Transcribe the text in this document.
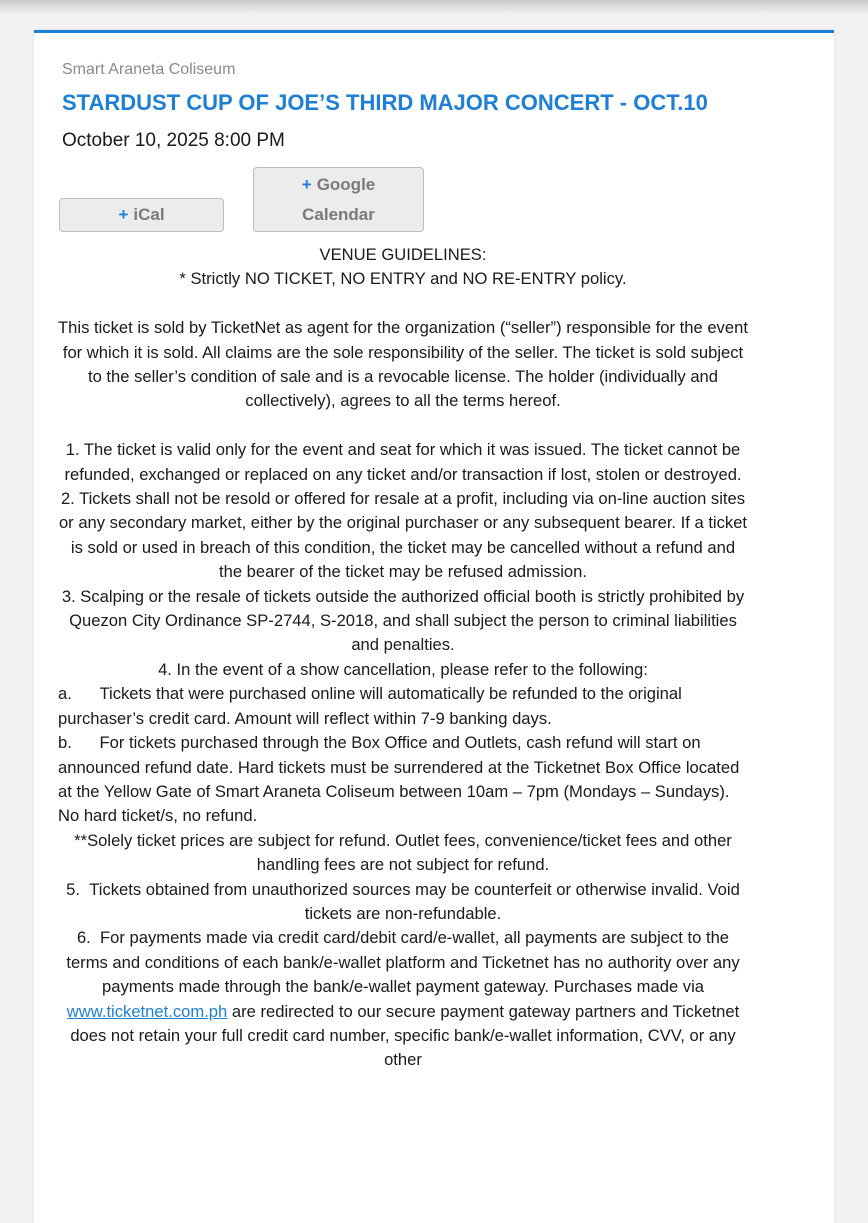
Smart Araneta Coliseum
STARDUST CUP OF JOE’S THIRD MAJOR CONCERT - OCT.10
October 10, 2025 8:00 PM
+ iCal
+ Google
Calendar

VENUE GUIDELINES:

* Strictly NO TICKET, NO ENTRY and NO RE-ENTRY policy.

This ticket is sold by TicketNet as agent for the organization (“seller”) responsible for the event for which it is sold. All claims are the sole responsibility of the seller. The ticket is sold subject to the seller’s condition of sale and is a revocable license. The holder (individually and collectively), agrees to all the terms hereof.

1. The ticket is valid only for the event and seat for which it was issued. The ticket cannot be refunded, exchanged or replaced on any ticket and/or transaction if lost, stolen or destroyed.

2. Tickets shall not be resold or offered for resale at a profit, including via on-line auction sites or any secondary market, either by the original purchaser or any subsequent bearer. If a ticket is sold or used in breach of this condition, the ticket may be cancelled without a refund and the bearer of the ticket may be refused admission.

3. Scalping or the resale of tickets outside the authorized official booth is strictly prohibited by Quezon City Ordinance SP-2744, S-2018, and shall subject the person to criminal liabilities and penalties.

4. In the event of a show cancellation, please refer to the following:

a.      Tickets that were purchased online will automatically be refunded to the original purchaser’s credit card. Amount will reflect within 7-9 banking days.

b.      For tickets purchased through the Box Office and Outlets, cash refund will start on announced refund date. Hard tickets must be surrendered at the Ticketnet Box Office located at the Yellow Gate of Smart Araneta Coliseum between 10am – 7pm (Mondays – Sundays). No hard ticket/s, no refund.

**Solely ticket prices are subject for refund. Outlet fees, convenience/ticket fees and other handling fees are not subject for refund.

5.  Tickets obtained from unauthorized sources may be counterfeit or otherwise invalid. Void tickets are non-refundable.

6.  For payments made via credit card/debit card/e-wallet, all payments are subject to the terms and conditions of each bank/e-wallet platform and Ticketnet has no authority over any payments made through the bank/e-wallet payment gateway. Purchases made via www.ticketnet.com.ph are redirected to our secure payment gateway partners and Ticketnet does not retain your full credit card number, specific bank/e-wallet information, CVV, or any other
